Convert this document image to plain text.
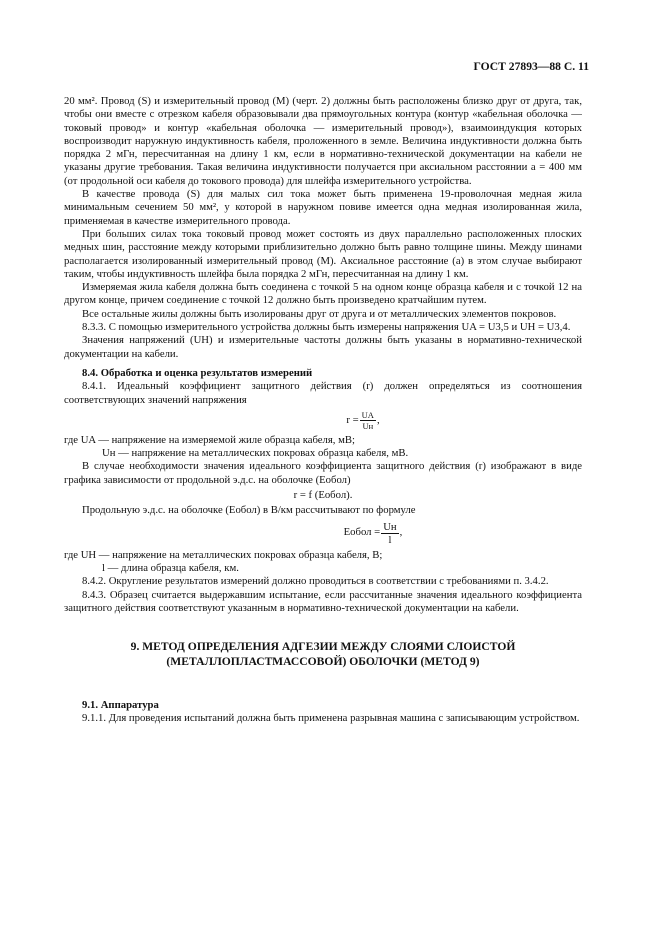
ГОСТ 27893—88 С. 11

20 мм². Провод (S) и измерительный провод (M) (черт. 2) должны быть расположены близко друг от друга, так, чтобы они вместе с отрезком кабеля образовывали два прямоугольных контура (контур «кабельная оболочка — токовый провод» и контур «кабельная оболочка — измерительный провод»), взаимоиндукция которых воспроизводит наружную индуктивность кабеля, проложенного в земле. Величина индуктивности должна быть порядка 2 мГн, пересчитанная на длину 1 км, если в нормативно-технической документации на кабели не указаны другие требования. Такая величина индуктивности получается при аксиальном расстоянии a = 400 мм (от продольной оси кабеля до токового провода) для шлейфа измерительного устройства.

В качестве провода (S) для малых сил тока может быть применена 19-проволочная медная жила минимальным сечением 50 мм², у которой в наружном повиве имеется одна медная изолированная жила, применяемая в качестве измерительного провода.

При больших силах тока токовый провод может состоять из двух параллельно расположенных плоских медных шин, расстояние между которыми приблизительно должно быть равно толщине шины. Между шинами располагается изолированный измерительный провод (M). Аксиальное расстояние (a) в этом случае выбирают таким, чтобы индуктивность шлейфа была порядка 2 мГн, пересчитанная на длину 1 км.

Измеряемая жила кабеля должна быть соединена с точкой 5 на одном конце образца кабеля и с точкой 12 на другом конце, причем соединение с точкой 12 должно быть произведено кратчайшим путем.

Все остальные жилы должны быть изолированы друг от друга и от металлических элементов покровов.

8.3.3. С помощью измерительного устройства должны быть измерены напряжения UA = U3,5 и UН = U3,4.

Значения напряжений (UН) и измерительные частоты должны быть указаны в нормативно-технической документации на кабели.

8.4. Обработка и оценка результатов измерений

8.4.1. Идеальный коэффициент защитного действия (r) должен определяться из соотношения соответствующих значений напряжения

$r = \frac{UA}{Uн}$ ,

где UA — напряжение на измеряемой жиле образца кабеля, мВ;

Uн — напряжение на металлических покровах образца кабеля, мВ.

В случае необходимости значения идеального коэффициента защитного действия (r) изображают в виде графика зависимости от продольной э.д.с. на оболочке (Eобол)

r = f (Eобол).

Продольную э.д.с. на оболочке (Eобол) в В/км рассчитывают по формуле

Eобол = $\frac{Uн}{l}$ ,

где UН — напряжение на металлических покровах образца кабеля, В;

l — длина образца кабеля, км.

8.4.2. Округление результатов измерений должно проводиться в соответствии с требованиями п. 3.4.2.

8.4.3. Образец считается выдержавшим испытание, если рассчитанные значения идеального коэффициента защитного действия соответствуют указанным в нормативно-технической документации на кабели.

9. МЕТОД ОПРЕДЕЛЕНИЯ АДГЕЗИИ МЕЖДУ СЛОЯМИ СЛОИСТОЙ
(МЕТАЛЛОПЛАСТМАССОВОЙ) ОБОЛОЧКИ (МЕТОД 9)

9.1. Аппаратура

9.1.1. Для проведения испытаний должна быть применена разрывная машина с записывающим устройством.
